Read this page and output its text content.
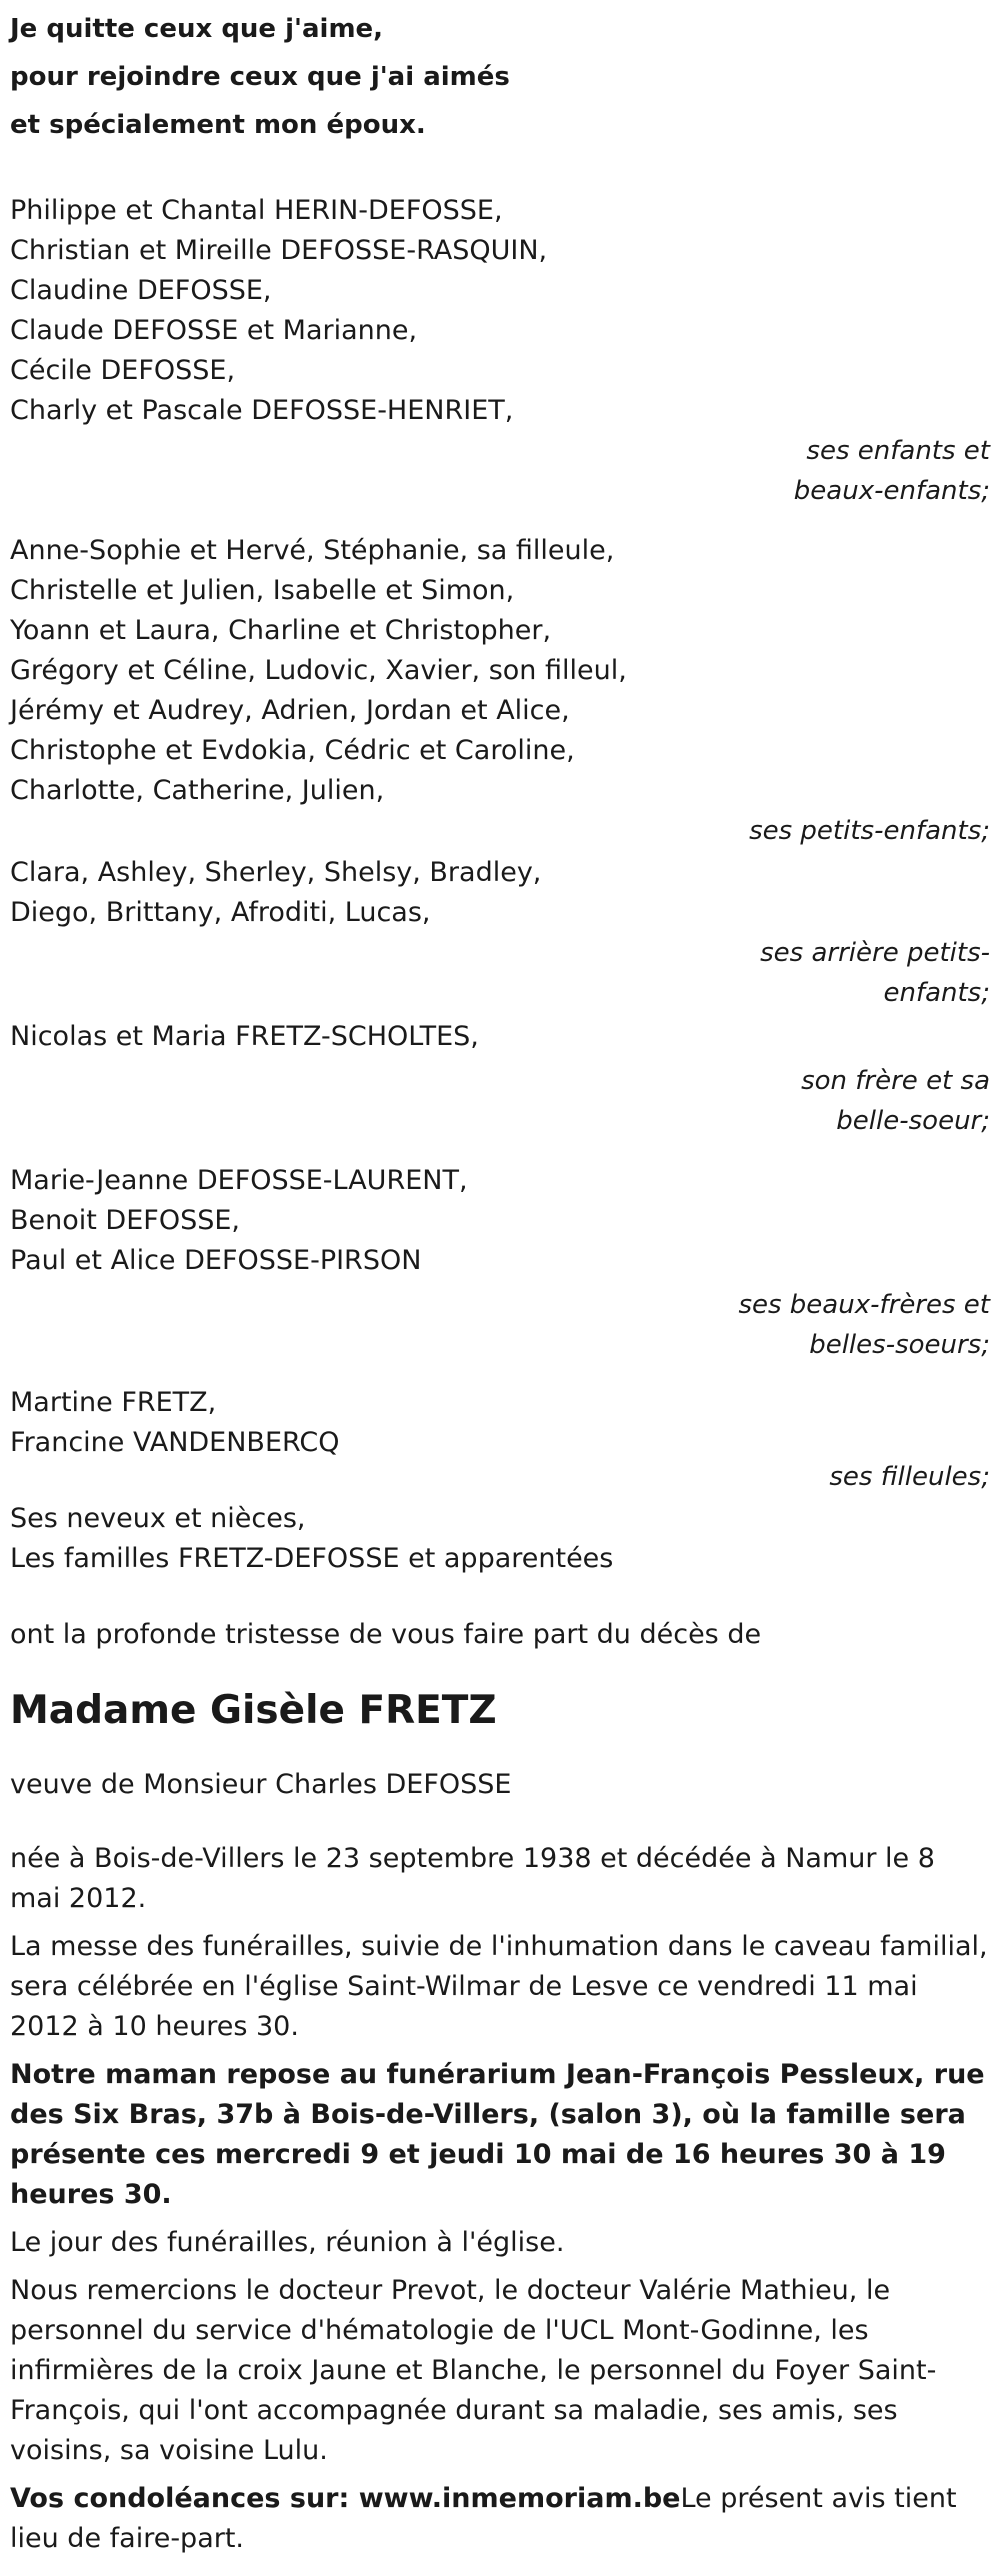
Je quitte ceux que j'aime,
pour rejoindre ceux que j'ai aimés
et spécialement mon époux.
Philippe et Chantal HERIN-DEFOSSE,
Christian et Mireille DEFOSSE-RASQUIN,
Claudine DEFOSSE,
Claude DEFOSSE et Marianne,
Cécile DEFOSSE,
Charly et Pascale DEFOSSE-HENRIET,
ses enfants et
beaux-enfants;
Anne-Sophie et Hervé, Stéphanie, sa filleule,
Christelle et Julien, Isabelle et Simon,
Yoann et Laura, Charline et Christopher,
Grégory et Céline, Ludovic, Xavier, son filleul,
Jérémy et Audrey, Adrien, Jordan et Alice,
Christophe et Evdokia, Cédric et Caroline,
Charlotte, Catherine, Julien,
ses petits-enfants;
Clara, Ashley, Sherley, Shelsy, Bradley,
Diego, Brittany, Afroditi, Lucas,
ses arrière petits-
enfants;
Nicolas et Maria FRETZ-SCHOLTES,
son frère et sa
belle-soeur;
Marie-Jeanne DEFOSSE-LAURENT,
Benoit DEFOSSE,
Paul et Alice DEFOSSE-PIRSON
ses beaux-frères et
belles-soeurs;
Martine FRETZ,
Francine VANDENBERCQ
ses filleules;
Ses neveux et nièces,
Les familles FRETZ-DEFOSSE et apparentées

ont la profonde tristesse de vous faire part du décès de

Madame Gisèle FRETZ

veuve de Monsieur Charles DEFOSSE

née à Bois-de-Villers le 23 septembre 1938 et décédée à Namur le 8 mai 2012.

La messe des funérailles, suivie de l'inhumation dans le caveau familial, sera célébrée en l'église Saint-Wilmar de Lesve ce vendredi 11 mai 2012 à 10 heures 30.

Notre maman repose au funérarium Jean-François Pessleux, rue des Six Bras, 37b à Bois-de-Villers, (salon 3), où la famille sera présente ces mercredi 9 et jeudi 10 mai de 16 heures 30 à 19 heures 30.

Le jour des funérailles, réunion à l'église.

Nous remercions le docteur Prevot, le docteur Valérie Mathieu, le personnel du service d'hématologie de l'UCL Mont-Godinne, les infirmières de la croix Jaune et Blanche, le personnel du Foyer Saint-François, qui l'ont accompagnée durant sa maladie, ses amis, ses voisins, sa voisine Lulu.

Vos condoléances sur: www.inmemoriam.beLe présent avis tient lieu de faire-part.
